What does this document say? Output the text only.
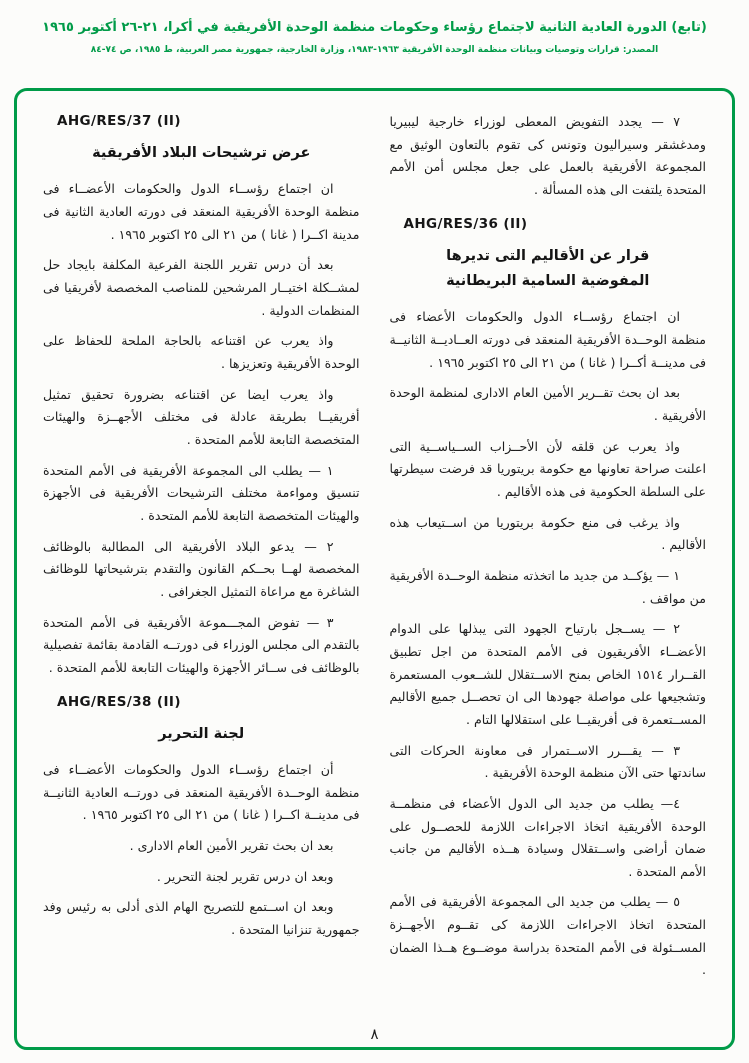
(تابع) الدورة العادية الثانية لاجتماع رؤساء وحكومات منظمة الوحدة الأفريقية في أكرا، ٢١-٢٦ أكتوبر ١٩٦٥
المصدر: قرارات وتوصيات وبيانات منظمة الوحدة الأفريقية ١٩٦٣-١٩٨٣، وزارة الخارجية، جمهورية مصر العربية، ط ١٩٨٥، ص ٧٤-٨٤

٧ — يجدد التفويض المعطى لوزراء خارجية ليبيريا ومدغشقر وسيراليون وتونس كى تقوم بالتعاون الوثيق مع المجموعة الأفريقية بالعمل على جعل مجلس أمن الأمم المتحدة يلتفت الى هذه المسألة .

AHG/RES/36 (II)
قرار عن الأقاليم التى تديرها
المفوضية السامية البريطانية

ان اجتماع رؤســاء الدول والحكومات الأعضاء فى منظمة الوحــدة الأفريقية المنعقد فى دورته العــاديــة الثانيــة فى مدينــة أكــرا ( غانا ) من ٢١ الى ٢٥ اكتوبر ١٩٦٥ .

بعد ان بحث تقــرير الأمين العام الادارى لمنظمة الوحدة الأفريقية .

واذ يعرب عن قلقه لأن الأحــزاب الســياســية التى اعلنت صراحة تعاونها مع حكومة بريتوريا قد فرضت سيطرتها على السلطة الحكومية فى هذه الأقاليم .

واذ يرغب فى منع حكومة بريتوريا من اســتيعاب هذه الأقاليم .

١ — يؤكــد من جديد ما اتخذته منظمة الوحــدة الأفريقية من مواقف .

٢ — يســجل بارتياح الجهود التى يبذلها على الدوام الأعضــاء الأفريقيون فى الأمم المتحدة من اجل تطبيق القــرار ١٥١٤ الخاص بمنح الاســتقلال للشــعوب المستعمرة وتشجيعها على مواصلة جهودها الى ان تحصــل جميع الأقاليم المســتعمرة فى أفريقيــا على استقلالها التام .

٣ — يقـــرر الاســتمرار فى معاونة الحركات التى ساندتها حتى الآن منظمة الوحدة الأفريقية .

٤— يطلب من جديد الى الدول الأعضاء فى منظمــة الوحدة الأفريقية اتخاذ الاجراءات اللازمة للحصــول على ضمان أراضى واســتقلال وسيادة هــذه الأقاليم من جانب الأمم المتحدة .

٥ — يطلب من جديد الى المجموعة الأفريقية فى الأمم المتحدة اتخاذ الاجراءات اللازمة كى تقــوم الأجهــزة المســئولة فى الأمم المتحدة بدراسة موضــوع هــذا الضمان .

AHG/RES/37 (II)
عرض ترشيحات البلاد الأفريقية

ان اجتماع رؤســاء الدول والحكومات الأعضــاء فى منظمة الوحدة الأفريقية المنعقد فى دورته العادية الثانية فى مدينة اكــرا ( غانا ) من ٢١ الى ٢٥ اكتوبر ١٩٦٥ .

بعد أن درس تقرير اللجنة الفرعية المكلفة بايجاد حل لمشــكلة اختيــار المرشحين للمناصب المخصصة لأفريقيا فى المنظمات الدولية .

واذ يعرب عن اقتناعه بالحاجة الملحة للحفاظ على الوحدة الأفريقية وتعزيزها .

واذ يعرب ايضا عن اقتناعه بضرورة تحقيق تمثيل أفريقيــا بطريقة عادلة فى مختلف الأجهــزة والهيئات المتخصصة التابعة للأمم المتحدة .

١ — يطلب الى المجموعة الأفريقية فى الأمم المتحدة تنسيق ومواءمة مختلف الترشيحات الأفريقية فى الأجهزة والهيئات المتخصصة التابعة للأمم المتحدة .

٢ — يدعو البلاد الأفريقية الى المطالبة بالوظائف المخصصة لهــا بحــكم القانون والتقدم بترشيحاتها للوظائف الشاغرة مع مراعاة التمثيل الجغرافى .

٣ — تفوض المجـــموعة الأفريقية فى الأمم المتحدة بالتقدم الى مجلس الوزراء فى دورتــه القادمة بقائمة تفصيلية بالوظائف فى ســائر الأجهزة والهيئات التابعة للأمم المتحدة .

AHG/RES/38 (II)
لجنة التحرير

أن اجتماع رؤســاء الدول والحكومات الأعضــاء فى منظمة الوحــدة الأفريقية المنعقد فى دورتــه العادية الثانيــة فى مدينــة اكــرا ( غانا ) من ٢١ الى ٢٥ اكتوبر ١٩٦٥ .

بعد ان بحث تقرير الأمين العام الادارى .

وبعد ان درس تقرير لجنة التحرير .

وبعد ان اســتمع للتصريح الهام الذى أدلى به رئيس وفد جمهورية تنزانيا المتحدة .

٨
